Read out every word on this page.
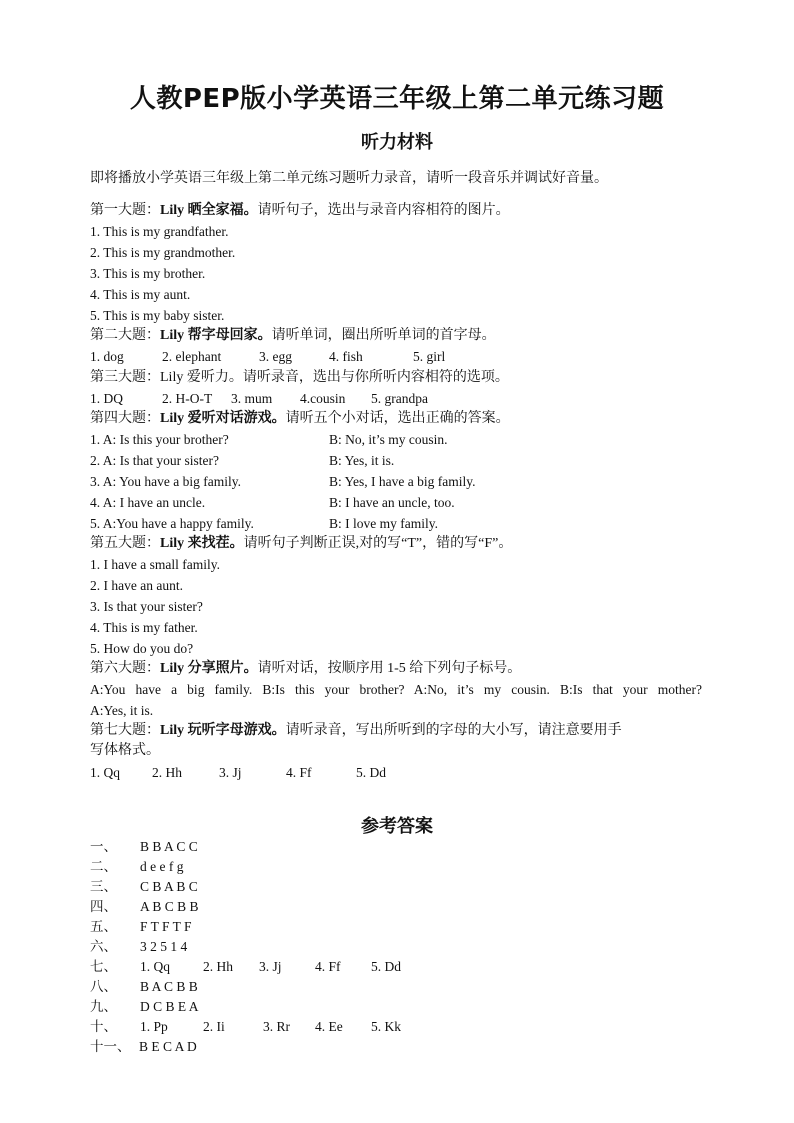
人教PEP版小学英语三年级上第二单元练习题
听力材料
即将播放小学英语三年级上第二单元练习题听力录音，请听一段音乐并调试好音量。
第一大题：Lily 晒全家福。请听句子，选出与录音内容相符的图片。
1. This is my grandfather.
2. This is my grandmother.
3. This is my brother.
4. This is my aunt.
5. This is my baby sister.
第二大题：Lily 帮字母回家。请听单词，圈出所听单词的首字母。
1. dog	2. elephant	3. egg	4. fish	5. girl
第三大题：Lily 爱听力。请听录音，选出与你所听内容相符的选项。
1. DQ	2. H-O-T 3. mum 4.cousin 5. grandpa
第四大题：Lily 爱听对话游戏。请听五个小对话，选出正确的答案。
1. A: Is this your brother?	B: No, it’s my cousin.
2. A: Is that your sister?	B: Yes, it is.
3. A: You have a big family.	B: Yes, I have a big family.
4. A: I have an uncle.	B: I have an uncle, too.
5. A:You have a happy family.	B: I love my family.
第五大题：Lily 来找茬。请听句子判断正误,对的写“T”，错的写“F”。
1. I have a small family.
2. I have an aunt.
3. Is that your sister?
4. This is my father.
5. How do you do?
第六大题：Lily 分享照片。请听对话，按顺序用 1-5 给下列句子标号。
A:You have a big family. B:Is this your brother? A:No, it’s my cousin. B:Is that your mother?
A:Yes, it is.
第七大题：Lily 玩听字母游戏。请听录音，写出所听到的字母的大小写，请注意要用手
写体格式。
1. Qq 2. Hh	3. Jj	4. Ff	5. Dd
参考答案
一、 B B A C C
二、 d e e f g
三、 C B A B C
四、 A B C B B
五、 F T F T F
六、 3 2 5 1 4
七、 1. Qq 2. Hh 3. Jj 4. Ff 5. Dd
八、 B A C B B
九、 D C B E A
十、 1. Pp	2. Ii	3. Rr 4. Ee 5. Kk
十一、 B E C A D
